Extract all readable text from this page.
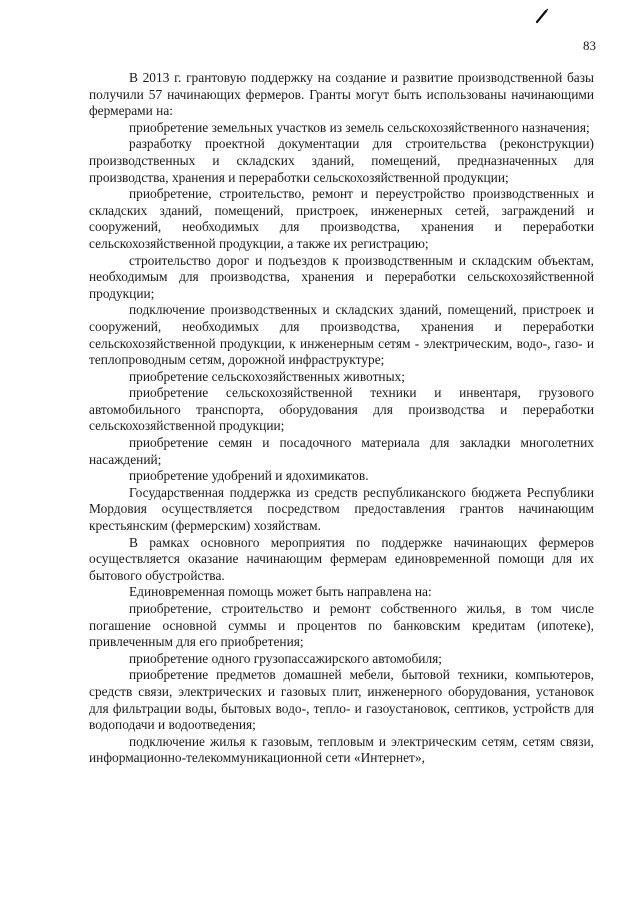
83

В 2013 г. грантовую поддержку на создание и развитие производственной базы получили 57 начинающих фермеров. Гранты могут быть использованы начинающими фермерами на:

приобретение земельных участков из земель сельскохозяйственного назначения;

разработку проектной документации для строительства (реконструкции) производственных и складских зданий, помещений, предназначенных для производства, хранения и переработки сельскохозяйственной продукции;

приобретение, строительство, ремонт и переустройство производственных и складских зданий, помещений, пристроек, инженерных сетей, заграждений и сооружений, необходимых для производства, хранения и переработки сельскохозяйственной продукции, а также их регистрацию;

строительство дорог и подъездов к производственным и складским объектам, необходимым для производства, хранения и переработки сельскохозяйственной продукции;

подключение производственных и складских зданий, помещений, пристроек и сооружений, необходимых для производства, хранения и переработки сельскохозяйственной продукции, к инженерным сетям - электрическим, водо-, газо- и теплопроводным сетям, дорожной инфраструктуре;

приобретение сельскохозяйственных животных;

приобретение сельскохозяйственной техники и инвентаря, грузового автомобильного транспорта, оборудования для производства и переработки сельскохозяйственной продукции;

приобретение семян и посадочного материала для закладки многолетних насаждений;

приобретение удобрений и ядохимикатов.

Государственная поддержка из средств республиканского бюджета Республики Мордовия осуществляется посредством предоставления грантов начинающим крестьянским (фермерским) хозяйствам.

В рамках основного мероприятия по поддержке начинающих фермеров осуществляется оказание начинающим фермерам единовременной помощи для их бытового обустройства.

Единовременная помощь может быть направлена на:

приобретение, строительство и ремонт собственного жилья, в том числе погашение основной суммы и процентов по банковским кредитам (ипотеке), привлеченным для его приобретения;

приобретение одного грузопассажирского автомобиля;

приобретение предметов домашней мебели, бытовой техники, компьютеров, средств связи, электрических и газовых плит, инженерного оборудования, установок для фильтрации воды, бытовых водо-, тепло- и газоустановок, септиков, устройств для водоподачи и водоотведения;

подключение жилья к газовым, тепловым и электрическим сетям, сетям связи, информационно-телекоммуникационной сети «Интернет»,
